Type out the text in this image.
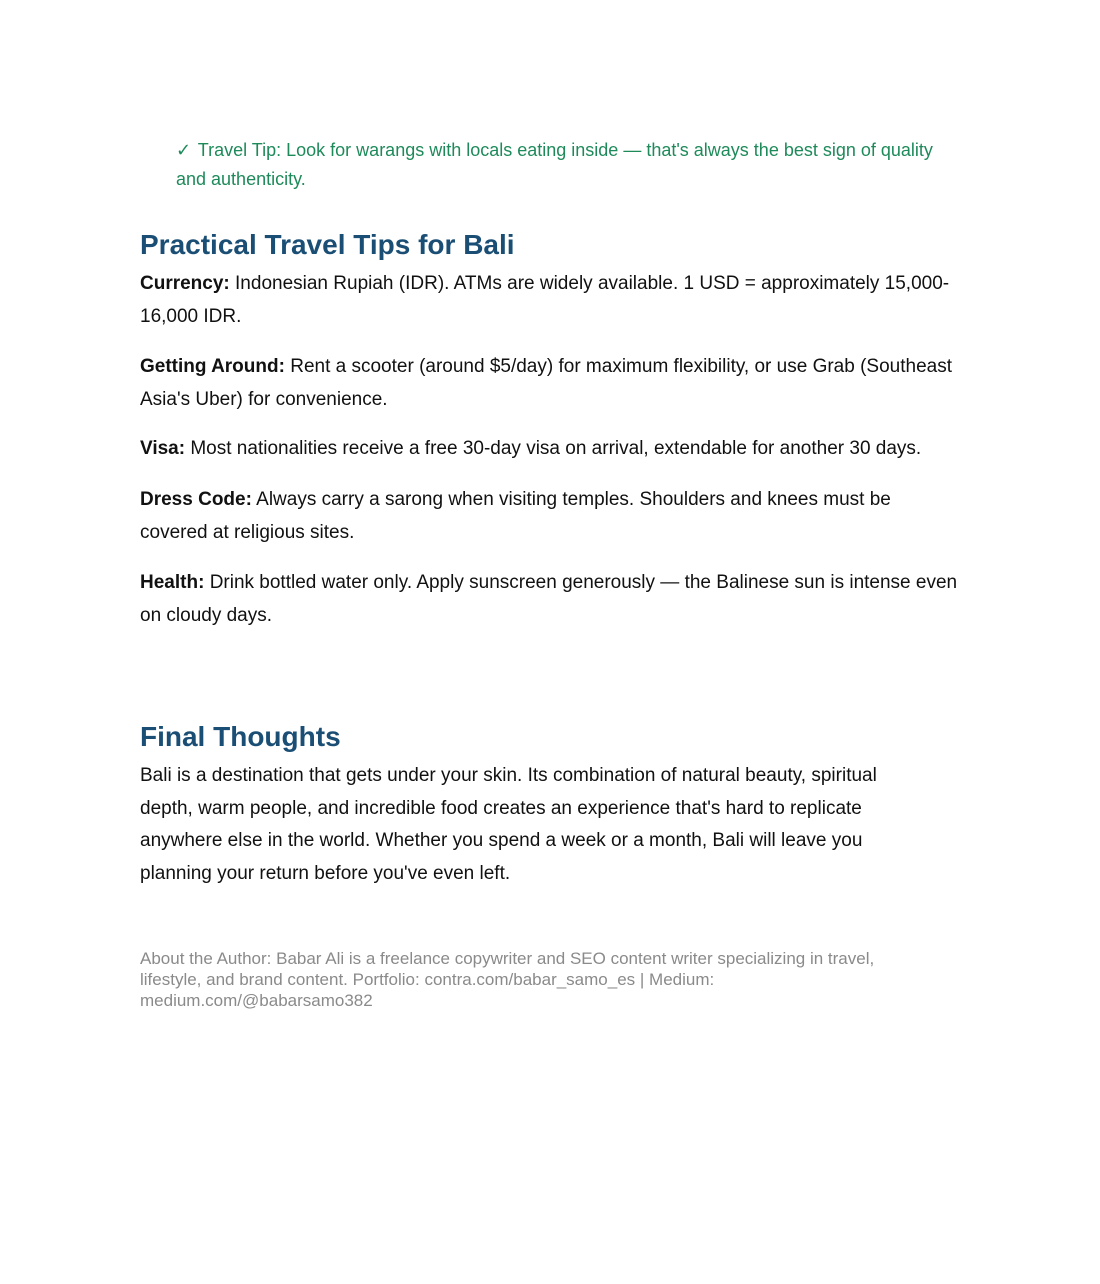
✓ Travel Tip: Look for warangs with locals eating inside — that's always the best sign of quality and authenticity.

Practical Travel Tips for Bali

Currency: Indonesian Rupiah (IDR). ATMs are widely available. 1 USD = approximately 15,000-16,000 IDR.

Getting Around: Rent a scooter (around $5/day) for maximum flexibility, or use Grab (Southeast Asia's Uber) for convenience.

Visa: Most nationalities receive a free 30-day visa on arrival, extendable for another 30 days.

Dress Code: Always carry a sarong when visiting temples. Shoulders and knees must be covered at religious sites.

Health: Drink bottled water only. Apply sunscreen generously — the Balinese sun is intense even on cloudy days.

Final Thoughts

Bali is a destination that gets under your skin. Its combination of natural beauty, spiritual depth, warm people, and incredible food creates an experience that's hard to replicate anywhere else in the world. Whether you spend a week or a month, Bali will leave you planning your return before you've even left.

About the Author: Babar Ali is a freelance copywriter and SEO content writer specializing in travel, lifestyle, and brand content. Portfolio: contra.com/babar_samo_es | Medium: medium.com/@babarsamo382
